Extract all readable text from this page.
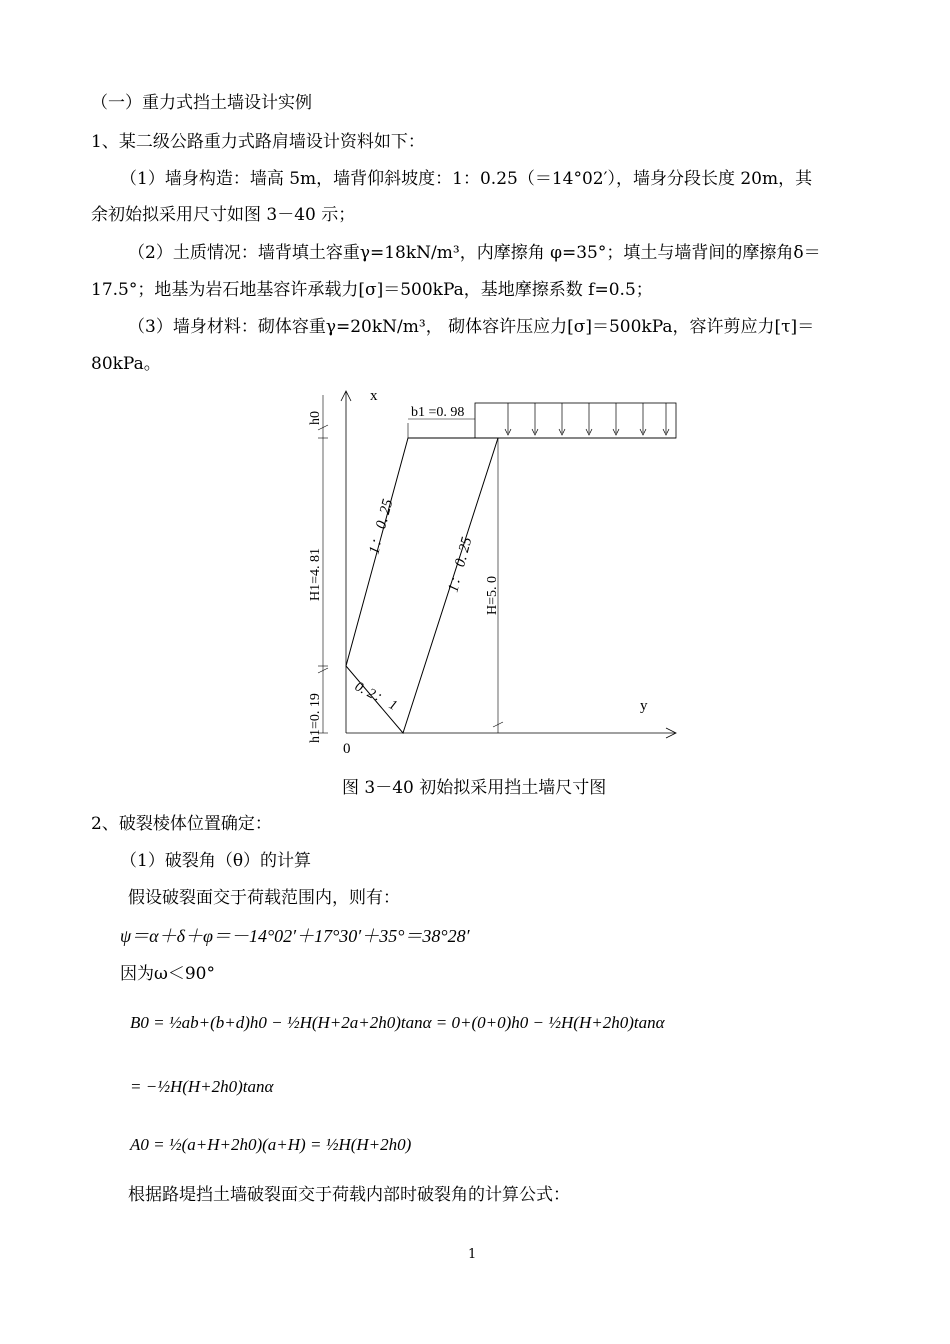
（一）重力式挡土墙设计实例
1、某二级公路重力式路肩墙设计资料如下：
（1）墙身构造：墙高 5m，墙背仰斜坡度：1：0.25（＝14°02′），墙身分段长度 20m，其
余初始拟采用尺寸如图 3－40 示；
（2）土质情况：墙背填土容重γ=18kN/m³，内摩擦角 φ=35°；填土与墙背间的摩擦角δ＝
17.5°；地基为岩石地基容许承载力[σ]＝500kPa，基地摩擦系数 f=0.5；
（3）墙身材料：砌体容重γ=20kN/m³， 砌体容许压应力[σ]＝500kPa，容许剪应力[τ]＝
80kPa。
x
y
0
b1 =0. 98
h0
H1=4. 81
h1=0. 19
H=5. 0
1： 0. 25
1： 0. 25
0. 2： 1
图 3－40 初始拟采用挡土墙尺寸图
2、破裂棱体位置确定：
（1）破裂角（θ）的计算
假设破裂面交于荷载范围内，则有：
ψ＝α＋δ＋φ＝－14°02′＋17°30′＋35°＝38°28′
因为ω＜90°
B0 = ½ab+(b+d)h0 − ½H(H+2a+2h0)tanα = 0+(0+0)h0 − ½H(H+2h0)tanα
= −½H(H+2h0)tanα
A0 = ½(a+H+2h0)(a+H) = ½H(H+2h0)
根据路堤挡土墙破裂面交于荷载内部时破裂角的计算公式：
1
